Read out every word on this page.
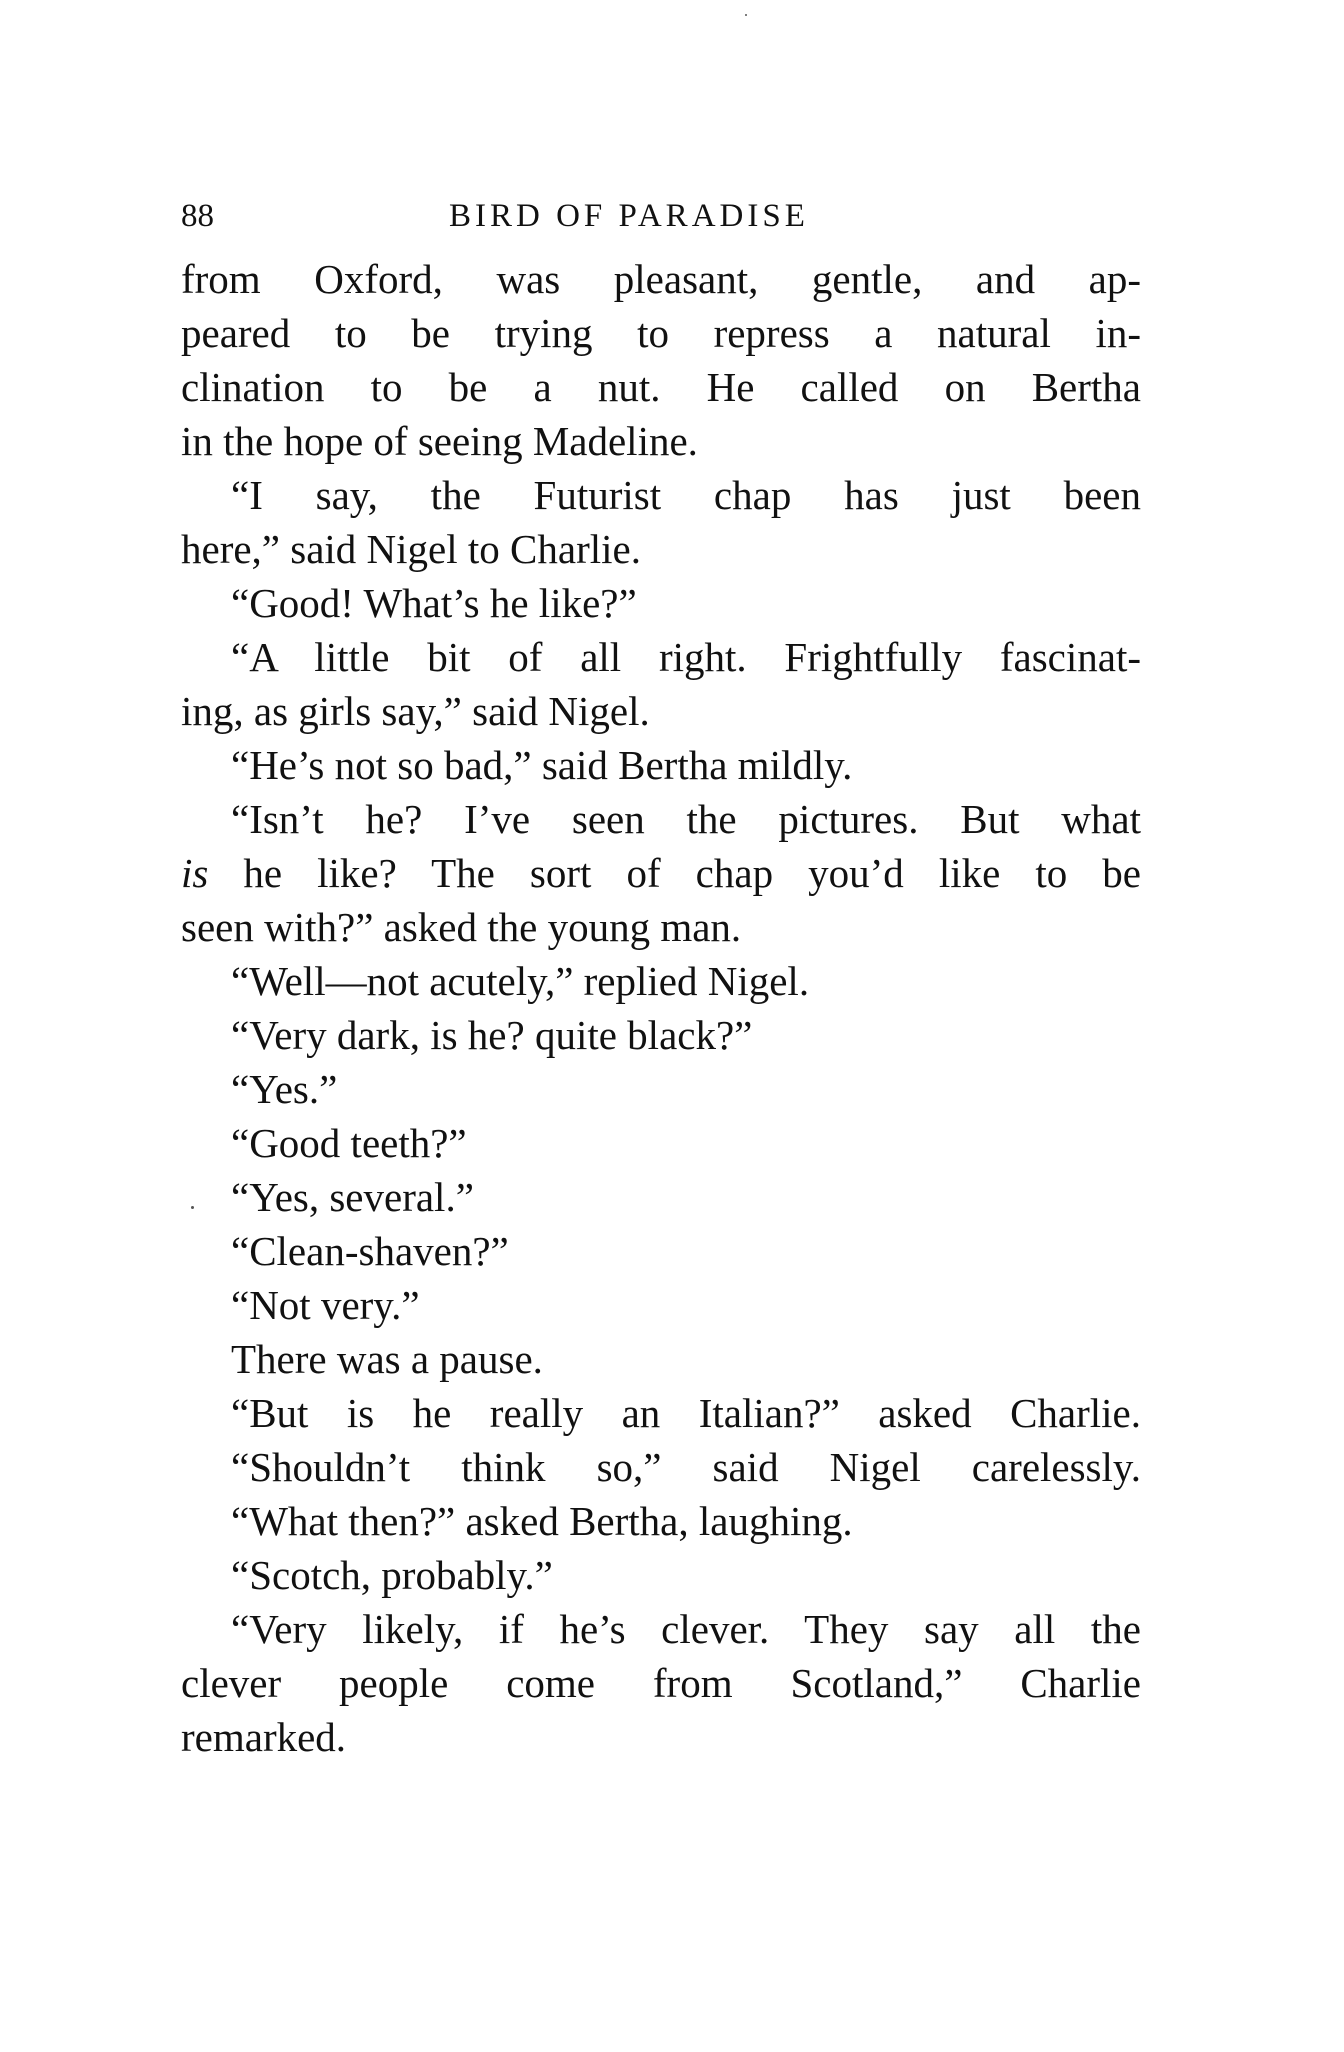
88	BIRD OF PARADISE
from Oxford, was pleasant, gentle, and ap-
peared to be trying to repress a natural in-
clination to be a nut. He called on Bertha
in the hope of seeing Madeline.
“I say, the Futurist chap has just been
here,” said Nigel to Charlie.
“Good! What’s he like?”
“A little bit of all right. Frightfully fascinat-
ing, as girls say,” said Nigel.
“He’s not so bad,” said Bertha mildly.
“Isn’t he? I’ve seen the pictures. But what
is he like? The sort of chap you’d like to be
seen with?” asked the young man.
“Well—not acutely,” replied Nigel.
“Very dark, is he? quite black?”
“Yes.”
“Good teeth?”
“Yes, several.”
“Clean-shaven?”
“Not very.”
There was a pause.
“But is he really an Italian?” asked Charlie.
“Shouldn’t think so,” said Nigel carelessly.
“What then?” asked Bertha, laughing.
“Scotch, probably.”
“Very likely, if he’s clever. They say all the
clever people come from Scotland,” Charlie
remarked.
